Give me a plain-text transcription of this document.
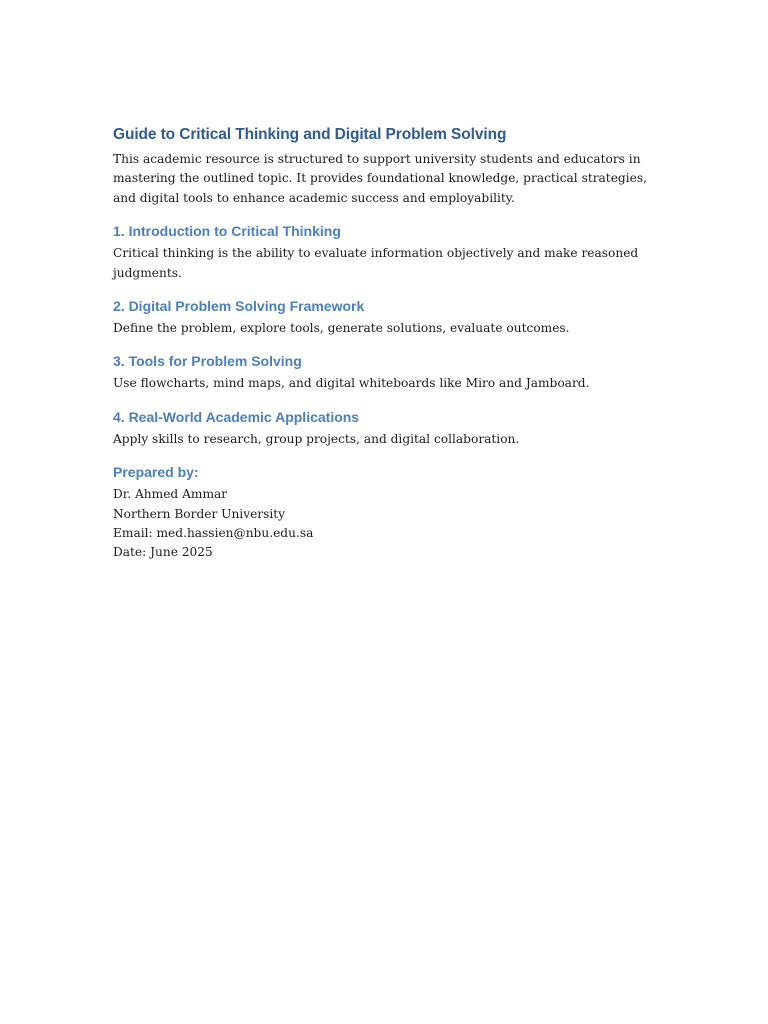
Guide to Critical Thinking and Digital Problem Solving

This academic resource is structured to support university students and educators in mastering the outlined topic. It provides foundational knowledge, practical strategies, and digital tools to enhance academic success and employability.

1. Introduction to Critical Thinking

Critical thinking is the ability to evaluate information objectively and make reasoned judgments.

2. Digital Problem Solving Framework

Define the problem, explore tools, generate solutions, evaluate outcomes.

3. Tools for Problem Solving

Use flowcharts, mind maps, and digital whiteboards like Miro and Jamboard.

4. Real-World Academic Applications

Apply skills to research, group projects, and digital collaboration.

Prepared by:

Dr. Ahmed Ammar

Northern Border University

Email: med.hassien@nbu.edu.sa

Date: June 2025
